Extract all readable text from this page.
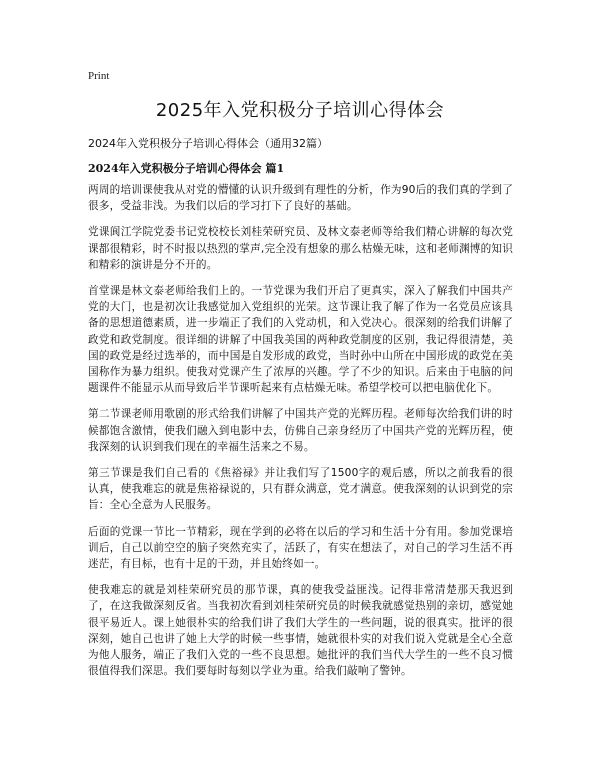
Print
2025年入党积极分子培训心得体会

2024年入党积极分子培训心得体会（通用32篇）

2024年入党积极分子培训心得体会 篇1

两周的培训课使我从对党的懵懂的认识升级到有理性的分析，作为90后的我们真的学到了很多，受益非浅。为我们以后的学习打下了良好的基础。

党课阆江学院党委书记党校校长刘桂荣研究员、及林文泰老师等给我们精心讲解的每次党课都很精彩，时不时报以热烈的掌声,完全没有想象的那么枯燥无味，这和老师渊博的知识和精彩的演讲是分不开的。

首堂课是林文泰老师给我们上的。一节党课为我们开启了更真实，深入了解我们中国共产党的大门，也是初次让我感觉加入党组织的光荣。这节课让我了解了作为一名党员应该具备的思想道德素质，进一步端正了我们的入党动机，和入党决心。很深刻的给我们讲解了政党和政党制度。很详细的讲解了中国我美国的两种政党制度的区别，我记得很清楚，美国的政党是经过选举的，而中国是自发形成的政党，当时孙中山所在中国形成的政党在美国称作为暴力组织。使我对党课产生了浓厚的兴趣。学了不少的知识。后来由于电脑的问题课件不能显示从而导致后半节课听起来有点枯燥无味。希望学校可以把电脑优化下。

第二节课老师用歌剧的形式给我们讲解了中国共产党的光辉历程。老师每次给我们讲的时候都饱含激情，使我们融入到电影中去，仿佛自己亲身经历了中国共产党的光辉历程，使我深刻的认识到我们现在的幸福生活来之不易。

第三节课是我们自己看的《焦裕禄》并让我们写了1500字的观后感，所以之前我看的很认真，使我难忘的就是焦裕禄说的，只有群众满意，党才满意。使我深刻的认识到党的宗旨：全心全意为人民服务。

后面的党课一节比一节精彩，现在学到的必将在以后的学习和生活十分有用。参加党课培训后，自己以前空空的脑子突然充实了，活跃了，有实在想法了，对自己的学习生活不再迷茫，有目标，也有十足的干劲，并且始终如一。

使我难忘的就是刘桂荣研究员的那节课，真的使我受益匪浅。记得非常清楚那天我迟到了，在这我做深刻反省。当我初次看到刘桂荣研究员的时候我就感觉热别的亲切，感觉她很平易近人。课上她很朴实的给我们讲了我们大学生的一些问题，说的很真实。批评的很深刻，她自己也讲了她上大学的时候一些事情，她就很朴实的对我们说入党就是全心全意为他人服务，端正了我们入党的一些不良思想。她批评的我们当代大学生的一些不良习惯很值得我们深思。我们要每时每刻以学业为重。给我们敲响了警钟。
